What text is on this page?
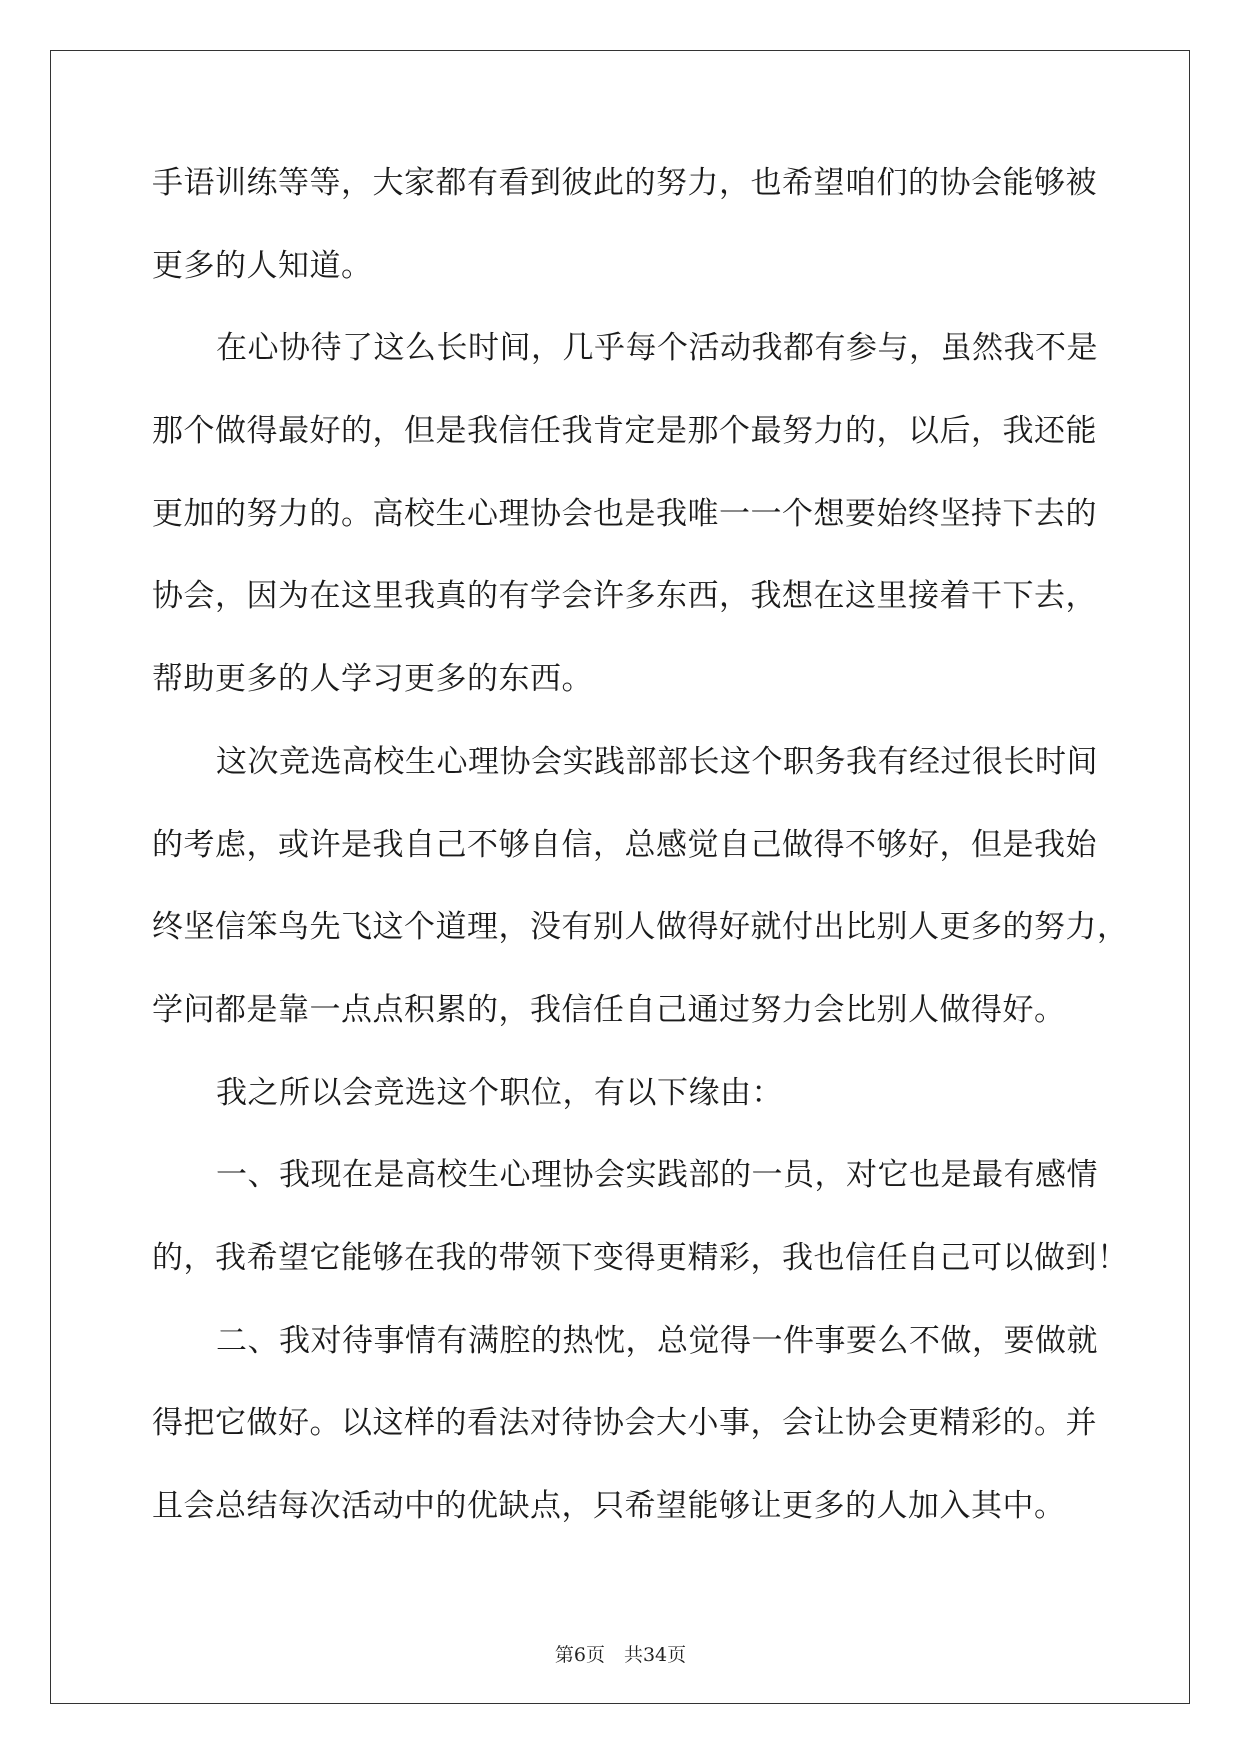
手语训练等等，大家都有看到彼此的努力，也希望咱们的协会能够被
更多的人知道。
在心协待了这么长时间，几乎每个活动我都有参与，虽然我不是
那个做得最好的，但是我信任我肯定是那个最努力的，以后，我还能
更加的努力的。高校生心理协会也是我唯一一个想要始终坚持下去的
协会，因为在这里我真的有学会许多东西，我想在这里接着干下去，
帮助更多的人学习更多的东西。
这次竞选高校生心理协会实践部部长这个职务我有经过很长时间
的考虑，或许是我自己不够自信，总感觉自己做得不够好，但是我始
终坚信笨鸟先飞这个道理，没有别人做得好就付出比别人更多的努力，
学问都是靠一点点积累的，我信任自己通过努力会比别人做得好。
我之所以会竞选这个职位，有以下缘由：
一、我现在是高校生心理协会实践部的一员，对它也是最有感情
的，我希望它能够在我的带领下变得更精彩，我也信任自己可以做到！
二、我对待事情有满腔的热忱，总觉得一件事要么不做，要做就
得把它做好。以这样的看法对待协会大小事，会让协会更精彩的。并
且会总结每次活动中的优缺点，只希望能够让更多的人加入其中。
第6页　共34页
